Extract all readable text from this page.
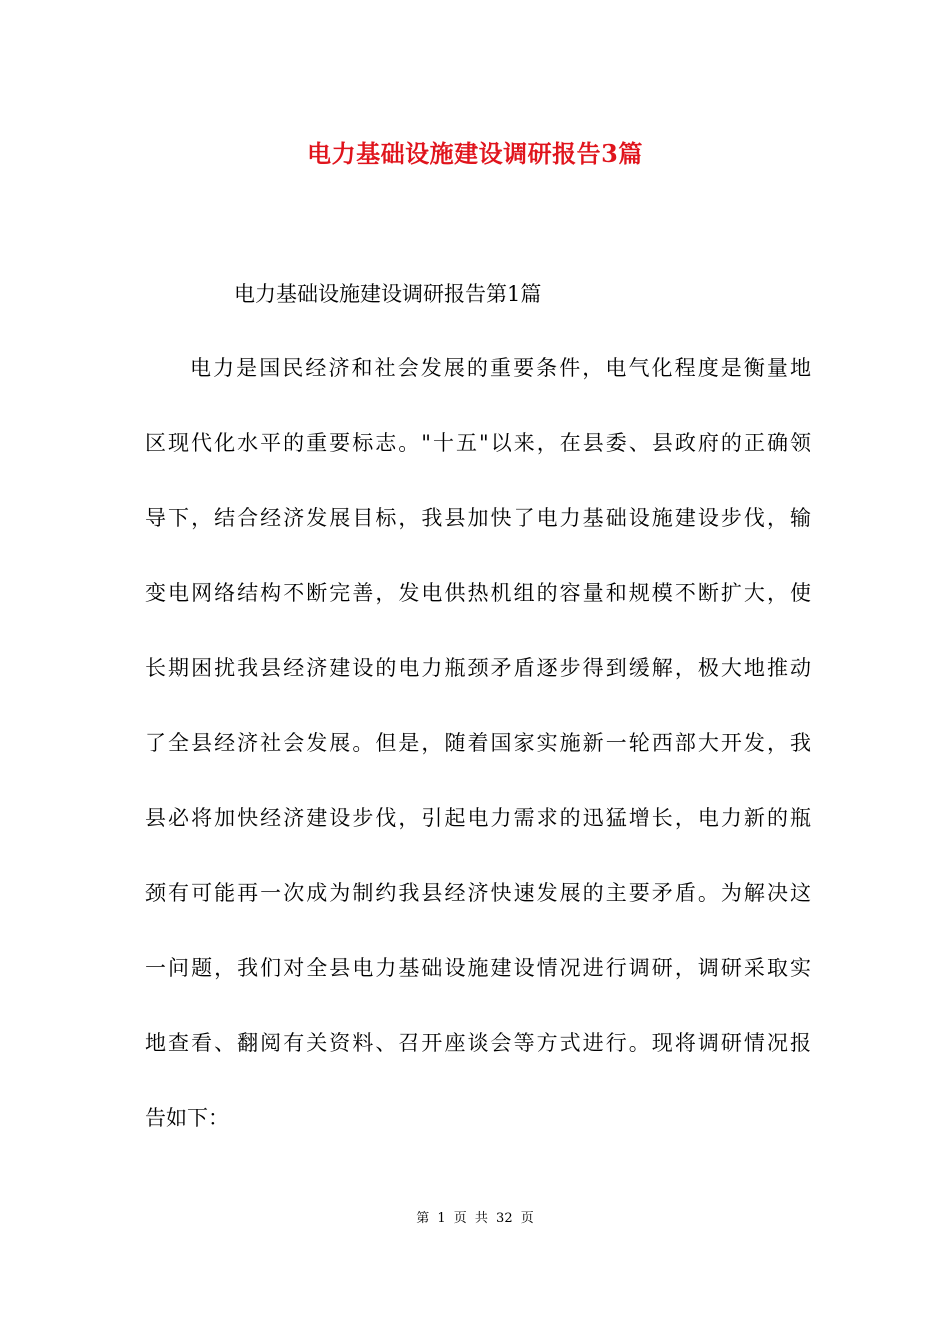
电力基础设施建设调研报告3篇
电力基础设施建设调研报告第1篇
电力是国民经济和社会发展的重要条件，电气化程度是衡量地
区现代化水平的重要标志。"十五"以来，在县委、县政府的正确领
导下，结合经济发展目标，我县加快了电力基础设施建设步伐，输
变电网络结构不断完善，发电供热机组的容量和规模不断扩大，使
长期困扰我县经济建设的电力瓶颈矛盾逐步得到缓解，极大地推动
了全县经济社会发展。但是，随着国家实施新一轮西部大开发，我
县必将加快经济建设步伐，引起电力需求的迅猛增长，电力新的瓶
颈有可能再一次成为制约我县经济快速发展的主要矛盾。为解决这
一问题，我们对全县电力基础设施建设情况进行调研，调研采取实
地查看、翻阅有关资料、召开座谈会等方式进行。现将调研情况报
告如下：
第 1 页 共 32 页
